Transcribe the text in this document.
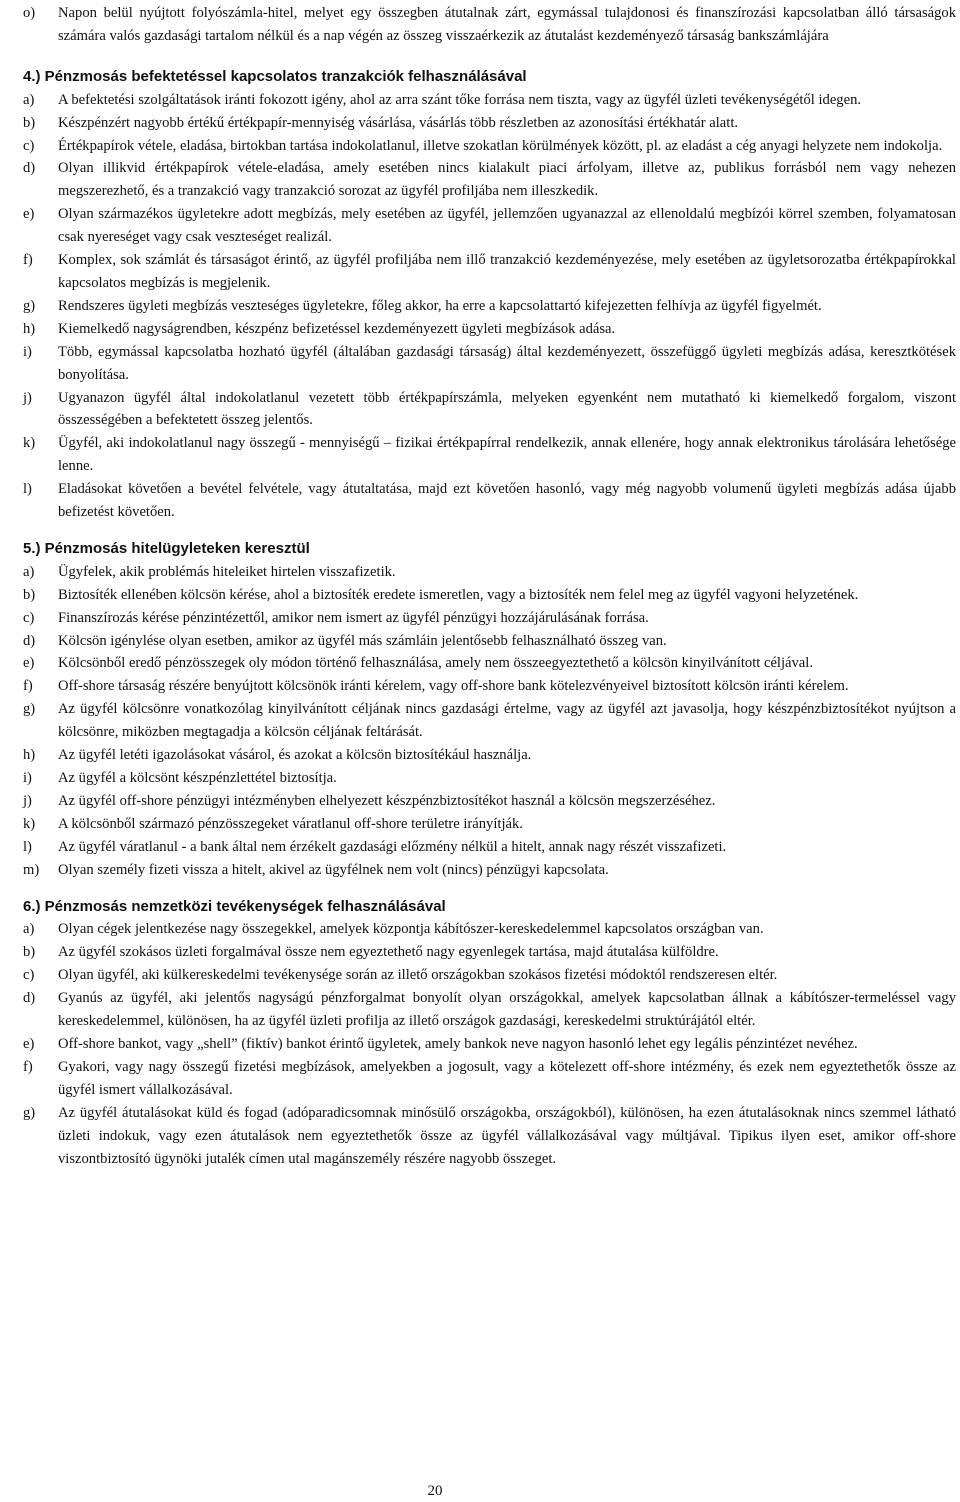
o) Napon belül nyújtott folyószámla-hitel, melyet egy összegben átutalnak zárt, egymással tulajdonosi és finanszírozási kapcsolatban álló társaságok számára valós gazdasági tartalom nélkül és a nap végén az összeg visszaérkezik az átutalást kezdeményező társaság bankszámlájára
4.) Pénzmosás befektetéssel kapcsolatos tranzakciók felhasználásával
a) A befektetési szolgáltatások iránti fokozott igény, ahol az arra szánt tőke forrása nem tiszta, vagy az ügyfél üzleti tevékenységétől idegen.
b) Készpénzért nagyobb értékű értékpapír-mennyiség vásárlása, vásárlás több részletben az azonosítási értékhatár alatt.
c) Értékpapírok vétele, eladása, birtokban tartása indokolatlanul, illetve szokatlan körülmények között, pl. az eladást a cég anyagi helyzete nem indokolja.
d) Olyan illikvid értékpapírok vétele-eladása, amely esetében nincs kialakult piaci árfolyam, illetve az, publikus forrásból nem vagy nehezen megszerezhető, és a tranzakció vagy tranzakció sorozat az ügyfél profiljába nem illeszkedik.
e) Olyan származékos ügyletekre adott megbízás, mely esetében az ügyfél, jellemzően ugyanazzal az ellenoldalú megbízói körrel szemben, folyamatosan csak nyereséget vagy csak veszteséget realizál.
f) Komplex, sok számlát és társaságot érintő, az ügyfél profiljába nem illő tranzakció kezdeményezése, mely esetében az ügyletsorozatba értékpapírokkal kapcsolatos megbízás is megjelenik.
g) Rendszeres ügyleti megbízás veszteséges ügyletekre, főleg akkor, ha erre a kapcsolattartó kifejezetten felhívja az ügyfél figyelmét.
h) Kiemelkedő nagyságrendben, készpénz befizetéssel kezdeményezett ügyleti megbízások adása.
i) Több, egymással kapcsolatba hozható ügyfél (általában gazdasági társaság) által kezdeményezett, összefüggő ügyleti megbízás adása, keresztkötések bonyolítása.
j) Ugyanazon ügyfél által indokolatlanul vezetett több értékpapírszámla, melyeken egyenként nem mutatható ki kiemelkedő forgalom, viszont összességében a befektetett összeg jelentős.
k) Ügyfél, aki indokolatlanul nagy összegű - mennyiségű – fizikai értékpapírral rendelkezik, annak ellenére, hogy annak elektronikus tárolására lehetősége lenne.
l) Eladásokat követően a bevétel felvétele, vagy átutaltatása, majd ezt követően hasonló, vagy még nagyobb volumenű ügyleti megbízás adása újabb befizetést követően.
5.) Pénzmosás hitelügyleteken keresztül
a) Ügyfelek, akik problémás hiteleiket hirtelen visszafizetik.
b) Biztosíték ellenében kölcsön kérése, ahol a biztosíték eredete ismeretlen, vagy a biztosíték nem felel meg az ügyfél vagyoni helyzetének.
c) Finanszírozás kérése pénzintézettől, amikor nem ismert az ügyfél pénzügyi hozzájárulásának forrása.
d) Kölcsön igénylése olyan esetben, amikor az ügyfél más számláin jelentősebb felhasználható összeg van.
e) Kölcsönből eredő pénzösszegek oly módon történő felhasználása, amely nem összeegyeztethető a kölcsön kinyilvánított céljával.
f) Off-shore társaság részére benyújtott kölcsönök iránti kérelem, vagy off-shore bank kötelezvényeivel biztosított kölcsön iránti kérelem.
g) Az ügyfél kölcsönre vonatkozólag kinyilvánított céljának nincs gazdasági értelme, vagy az ügyfél azt javasolja, hogy készpénzbiztosítékot nyújtson a kölcsönre, miközben megtagadja a kölcsön céljának feltárását.
h) Az ügyfél letéti igazolásokat vásárol, és azokat a kölcsön biztosítékául használja.
i) Az ügyfél a kölcsönt készpénzlettétel biztosítja.
j) Az ügyfél off-shore pénzügyi intézményben elhelyezett készpénzbiztosítékot használ a kölcsön megszerzéséhez.
k) A kölcsönből származó pénzösszegeket váratlanul off-shore területre irányítják.
l) Az ügyfél váratlanul - a bank által nem érzékelt gazdasági előzmény nélkül a hitelt, annak nagy részét visszafizeti.
m) Olyan személy fizeti vissza a hitelt, akivel az ügyfélnek nem volt (nincs) pénzügyi kapcsolata.
6.) Pénzmosás nemzetközi tevékenységek felhasználásával
a) Olyan cégek jelentkezése nagy összegekkel, amelyek központja kábítószer-kereskedelemmel kapcsolatos országban van.
b) Az ügyfél szokásos üzleti forgalmával össze nem egyeztethető nagy egyenlegek tartása, majd átutalása külföldre.
c) Olyan ügyfél, aki külkereskedelmi tevékenysége során az illető országokban szokásos fizetési módoktól rendszeresen eltér.
d) Gyanús az ügyfél, aki jelentős nagyságú pénzforgalmat bonyolít olyan országokkal, amelyek kapcsolatban állnak a kábítószer-termeléssel vagy kereskedelemmel, különösen, ha az ügyfél üzleti profilja az illető országok gazdasági, kereskedelmi struktúrájától eltér.
e) Off-shore bankot, vagy „shell” (fiktív) bankot érintő ügyletek, amely bankok neve nagyon hasonló lehet egy legális pénzintézet nevéhez.
f) Gyakori, vagy nagy összegű fizetési megbízások, amelyekben a jogosult, vagy a kötelezett off-shore intézmény, és ezek nem egyeztethetők össze az ügyfél ismert vállalkozásával.
g) Az ügyfél átutalásokat küld és fogad (adóparadicsomnak minősülő országokba, országokból), különösen, ha ezen átutalásoknak nincs szemmel látható üzleti indokuk, vagy ezen átutalások nem egyeztethetők össze az ügyfél vállalkozásával vagy múltjával. Tipikus ilyen eset, amikor off-shore viszontbiztosító ügynöki jutalék címen utal magánszemély részére nagyobb összeget.
20
